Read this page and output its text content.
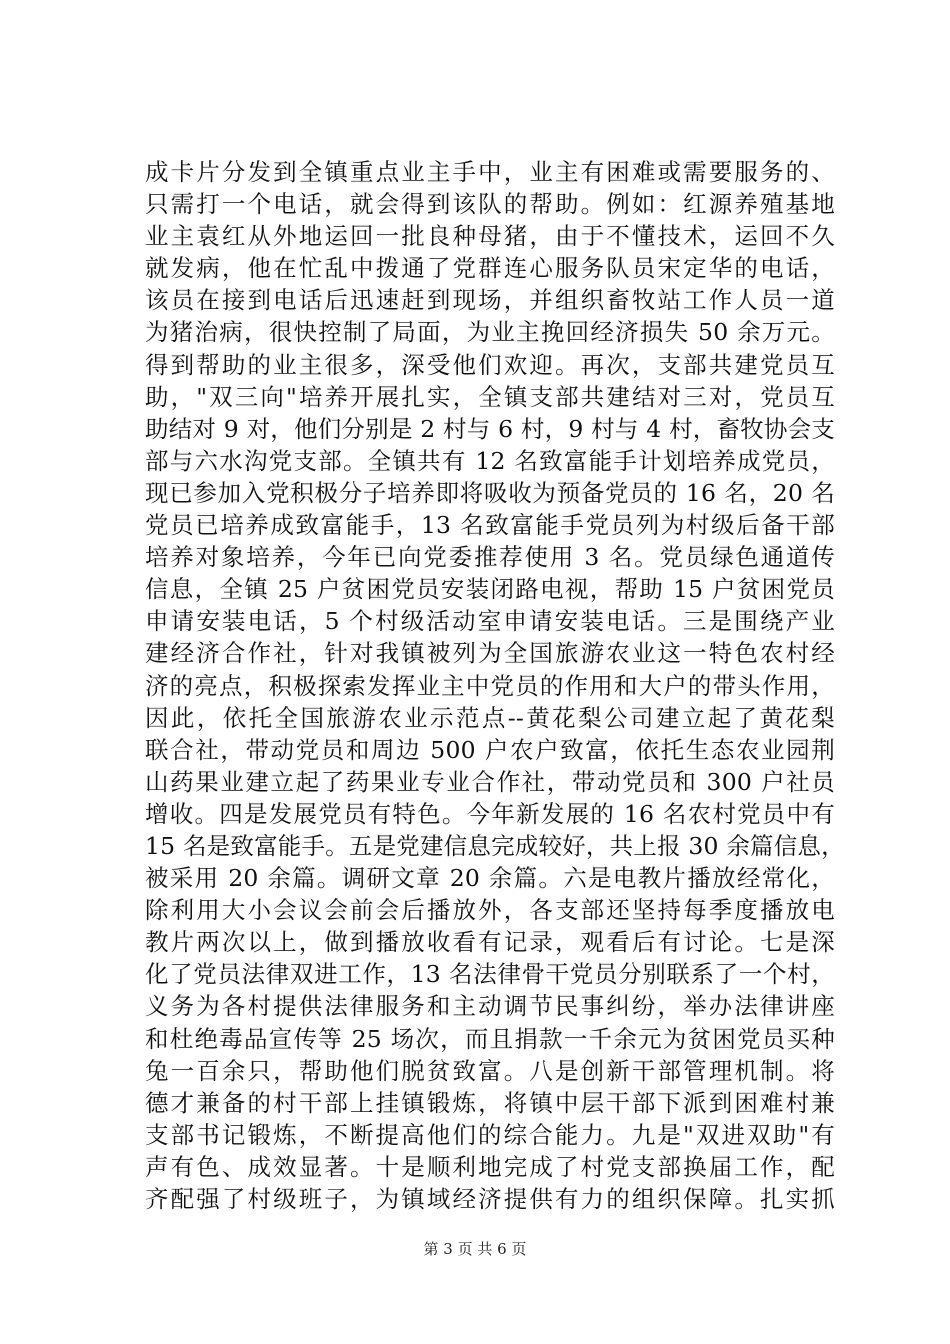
成卡片分发到全镇重点业主手中，业主有困难或需要服务的、
只需打一个电话，就会得到该队的帮助。例如：红源养殖基地
业主袁红从外地运回一批良种母猪，由于不懂技术，运回不久
就发病，他在忙乱中拨通了党群连心服务队员宋定华的电话，
该员在接到电话后迅速赶到现场，并组织畜牧站工作人员一道
为猪治病，很快控制了局面，为业主挽回经济损失 50 余万元。
得到帮助的业主很多，深受他们欢迎。再次，支部共建党员互
助，"双三向"培养开展扎实，全镇支部共建结对三对，党员互
助结对 9 对，他们分别是 2 村与 6 村，9 村与 4 村，畜牧协会支
部与六水沟党支部。全镇共有 12 名致富能手计划培养成党员，
现已参加入党积极分子培养即将吸收为预备党员的 16 名，20 名
党员已培养成致富能手，13 名致富能手党员列为村级后备干部
培养对象培养，今年已向党委推荐使用 3 名。党员绿色通道传
信息，全镇 25 户贫困党员安装闭路电视，帮助 15 户贫困党员
申请安装电话，5 个村级活动室申请安装电话。三是围绕产业
建经济合作社，针对我镇被列为全国旅游农业这一特色农村经
济的亮点，积极探索发挥业主中党员的作用和大户的带头作用，
因此，依托全国旅游农业示范点--黄花梨公司建立起了黄花梨
联合社，带动党员和周边 500 户农户致富，依托生态农业园荆
山药果业建立起了药果业专业合作社，带动党员和 300 户社员
增收。四是发展党员有特色。今年新发展的 16 名农村党员中有
15 名是致富能手。五是党建信息完成较好，共上报 30 余篇信息，
被采用 20 余篇。调研文章 20 余篇。六是电教片播放经常化，
除利用大小会议会前会后播放外，各支部还坚持每季度播放电
教片两次以上，做到播放收看有记录，观看后有讨论。七是深
化了党员法律双进工作，13 名法律骨干党员分别联系了一个村，
义务为各村提供法律服务和主动调节民事纠纷，举办法律讲座
和杜绝毒品宣传等 25 场次，而且捐款一千余元为贫困党员买种
兔一百余只，帮助他们脱贫致富。八是创新干部管理机制。将
德才兼备的村干部上挂镇锻炼，将镇中层干部下派到困难村兼
支部书记锻炼，不断提高他们的综合能力。九是"双进双助"有
声有色、成效显著。十是顺利地完成了村党支部换届工作，配
齐配强了村级班子，为镇域经济提供有力的组织保障。扎实抓
第 3 页 共 6 页
